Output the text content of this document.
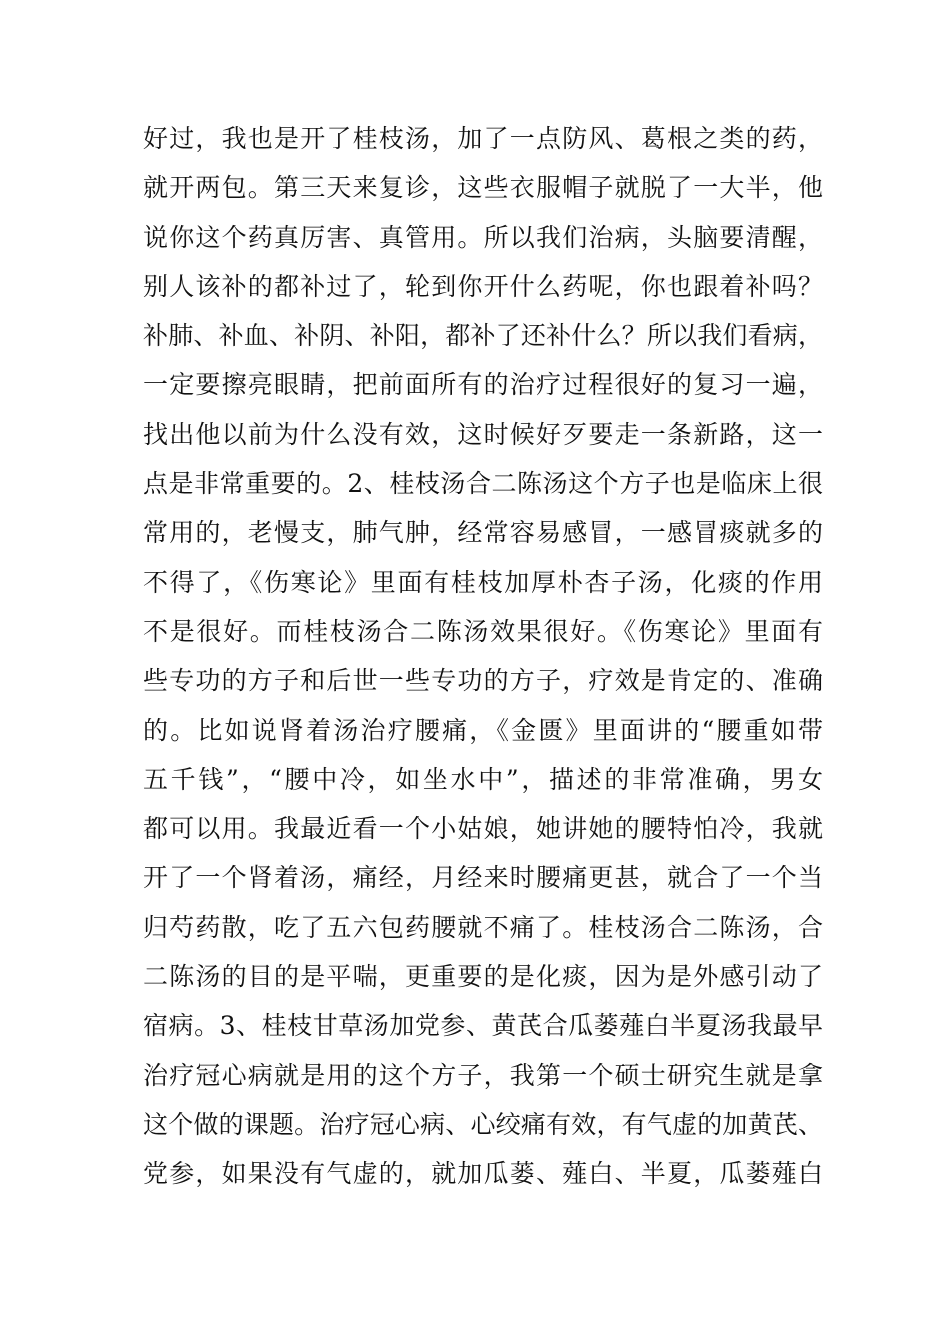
好过，我也是开了桂枝汤，加了一点防风、葛根之类的药，
就开两包。第三天来复诊，这些衣服帽子就脱了一大半，他
说你这个药真厉害、真管用。所以我们治病，头脑要清醒，
别人该补的都补过了，轮到你开什么药呢，你也跟着补吗？
补肺、补血、补阴、补阳，都补了还补什么？所以我们看病，
一定要擦亮眼睛，把前面所有的治疗过程很好的复习一遍，
找出他以前为什么没有效，这时候好歹要走一条新路，这一
点是非常重要的。2、桂枝汤合二陈汤这个方子也是临床上很
常用的，老慢支，肺气肿，经常容易感冒，一感冒痰就多的
不得了，《伤寒论》里面有桂枝加厚朴杏子汤，化痰的作用
不是很好。而桂枝汤合二陈汤效果很好。《伤寒论》里面有
些专功的方子和后世一些专功的方子，疗效是肯定的、准确
的。比如说肾着汤治疗腰痛，《金匮》里面讲的“腰重如带
五千钱”，“腰中冷，如坐水中”，描述的非常准确，男女
都可以用。我最近看一个小姑娘，她讲她的腰特怕冷，我就
开了一个肾着汤，痛经，月经来时腰痛更甚，就合了一个当
归芍药散，吃了五六包药腰就不痛了。桂枝汤合二陈汤，合
二陈汤的目的是平喘，更重要的是化痰，因为是外感引动了
宿病。3、桂枝甘草汤加党参、黄芪合瓜蒌薤白半夏汤我最早
治疗冠心病就是用的这个方子，我第一个硕士研究生就是拿
这个做的课题。治疗冠心病、心绞痛有效，有气虚的加黄芪、
党参，如果没有气虚的，就加瓜蒌、薤白、半夏，瓜蒌薤白
